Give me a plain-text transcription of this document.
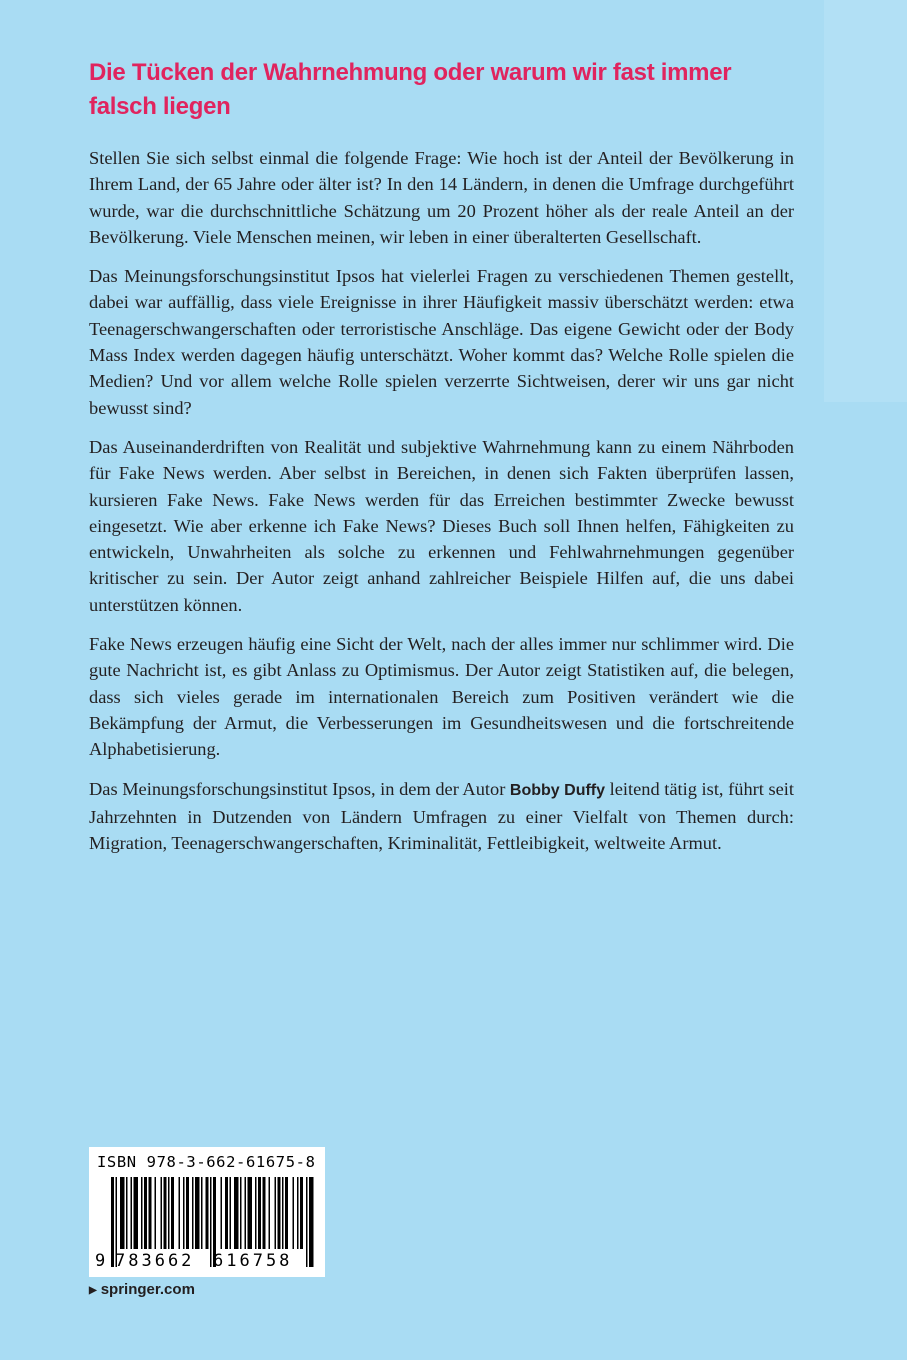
Die Tücken der Wahrnehmung oder warum wir fast immer falsch liegen

Stellen Sie sich selbst einmal die folgende Frage: Wie hoch ist der Anteil der Bevölkerung in Ihrem Land, der 65 Jahre oder älter ist? In den 14 Ländern, in denen die Umfrage durchgeführt wurde, war die durchschnittliche Schätzung um 20 Prozent höher als der reale Anteil an der Bevölkerung. Viele Menschen meinen, wir leben in einer überalterten Gesellschaft.

Das Meinungsforschungsinstitut Ipsos hat vielerlei Fragen zu verschiedenen Themen gestellt, dabei war auffällig, dass viele Ereignisse in ihrer Häufigkeit massiv überschätzt werden: etwa Teenagerschwangerschaften oder terroristische Anschläge. Das eigene Gewicht oder der Body Mass Index werden dagegen häufig unterschätzt. Woher kommt das? Welche Rolle spielen die Medien? Und vor allem welche Rolle spielen verzerrte Sichtweisen, derer wir uns gar nicht bewusst sind?

Das Auseinanderdriften von Realität und subjektive Wahrnehmung kann zu einem Nährboden für Fake News werden. Aber selbst in Bereichen, in denen sich Fakten überprüfen lassen, kursieren Fake News. Fake News werden für das Erreichen bestimmter Zwecke bewusst eingesetzt. Wie aber erkenne ich Fake News? Dieses Buch soll Ihnen helfen, Fähigkeiten zu entwickeln, Unwahrheiten als solche zu erkennen und Fehlwahrnehmungen gegenüber kritischer zu sein. Der Autor zeigt anhand zahlreicher Beispiele Hilfen auf, die uns dabei unterstützen können.

Fake News erzeugen häufig eine Sicht der Welt, nach der alles immer nur schlimmer wird. Die gute Nachricht ist, es gibt Anlass zu Optimismus. Der Autor zeigt Statistiken auf, die belegen, dass sich vieles gerade im internationalen Bereich zum Positiven verändert wie die Bekämpfung der Armut, die Verbesserungen im Gesundheitswesen und die fortschreitende Alphabetisierung.

Das Meinungsforschungsinstitut Ipsos, in dem der Autor Bobby Duffy leitend tätig ist, führt seit Jahrzehnten in Dutzenden von Ländern Umfragen zu einer Vielfalt von Themen durch: Migration, Teenagerschwangerschaften, Kriminalität, Fettleibigkeit, weltweite Armut.

ISBN 978-3-662-61675-8
9 783662	616758
▶ springer.com
